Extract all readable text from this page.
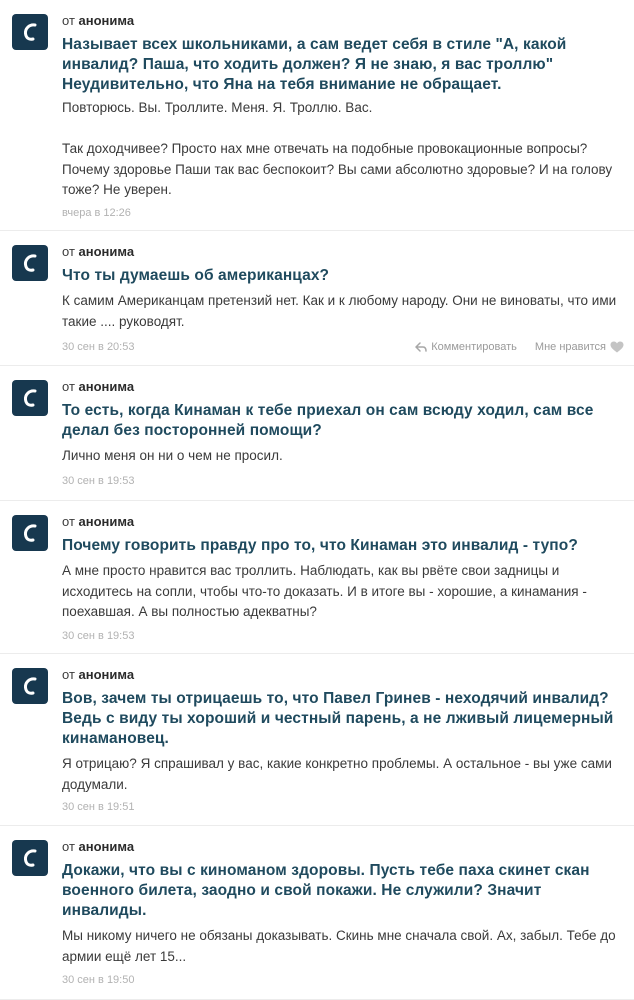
от анонима
Называет всех школьниками, а сам ведет себя в стиле "А, какой инвалид? Паша, что ходить должен? Я не знаю, я вас троллю" Неудивительно, что Яна на тебя внимание не обращает.

Повторюсь. Вы. Троллите. Меня. Я. Троллю. Вас.

Так доходчивее? Просто нах мне отвечать на подобные провокационные вопросы? Почему здоровье Паши так вас беспокоит? Вы сами абсолютно здоровые? И на голову тоже? Не уверен.

вчера в 12:26
от анонима
Что ты думаешь об американцах?

К самим Американцам претензий нет. Как и к любому народу. Они не виноваты, что ими такие .... руководят.

30 сен в 20:53	Комментировать Мне нравится
от анонима
То есть, когда Кинаман к тебе приехал он сам всюду ходил, сам все делал без посторонней помощи?

Лично меня он ни о чем не просил.

30 сен в 19:53
от анонима
Почему говорить правду про то, что Кинаман это инвалид - тупо?

А мне просто нравится вас троллить. Наблюдать, как вы рвёте свои задницы и исходитесь на сопли, чтобы что-то доказать. И в итоге вы - хорошие, а кинамания - поехавшая. А вы полностью адекватны?

30 сен в 19:53
от анонима
Вов, зачем ты отрицаешь то, что Павел Гринев - неходячий инвалид? Ведь с виду ты хороший и честный парень, а не лживый лицемерный кинамановец.

Я отрицаю? Я спрашивал у вас, какие конкретно проблемы. А остальное - вы уже сами додумали.

30 сен в 19:51
от анонима
Докажи, что вы с киноманом здоровы. Пусть тебе паха скинет скан военного билета, заодно и свой покажи. Не служили? Значит инвалиды.

Мы никому ничего не обязаны доказывать. Скинь мне сначала свой. Ах, забыл. Тебе до армии ещё лет 15...

30 сен в 19:50
